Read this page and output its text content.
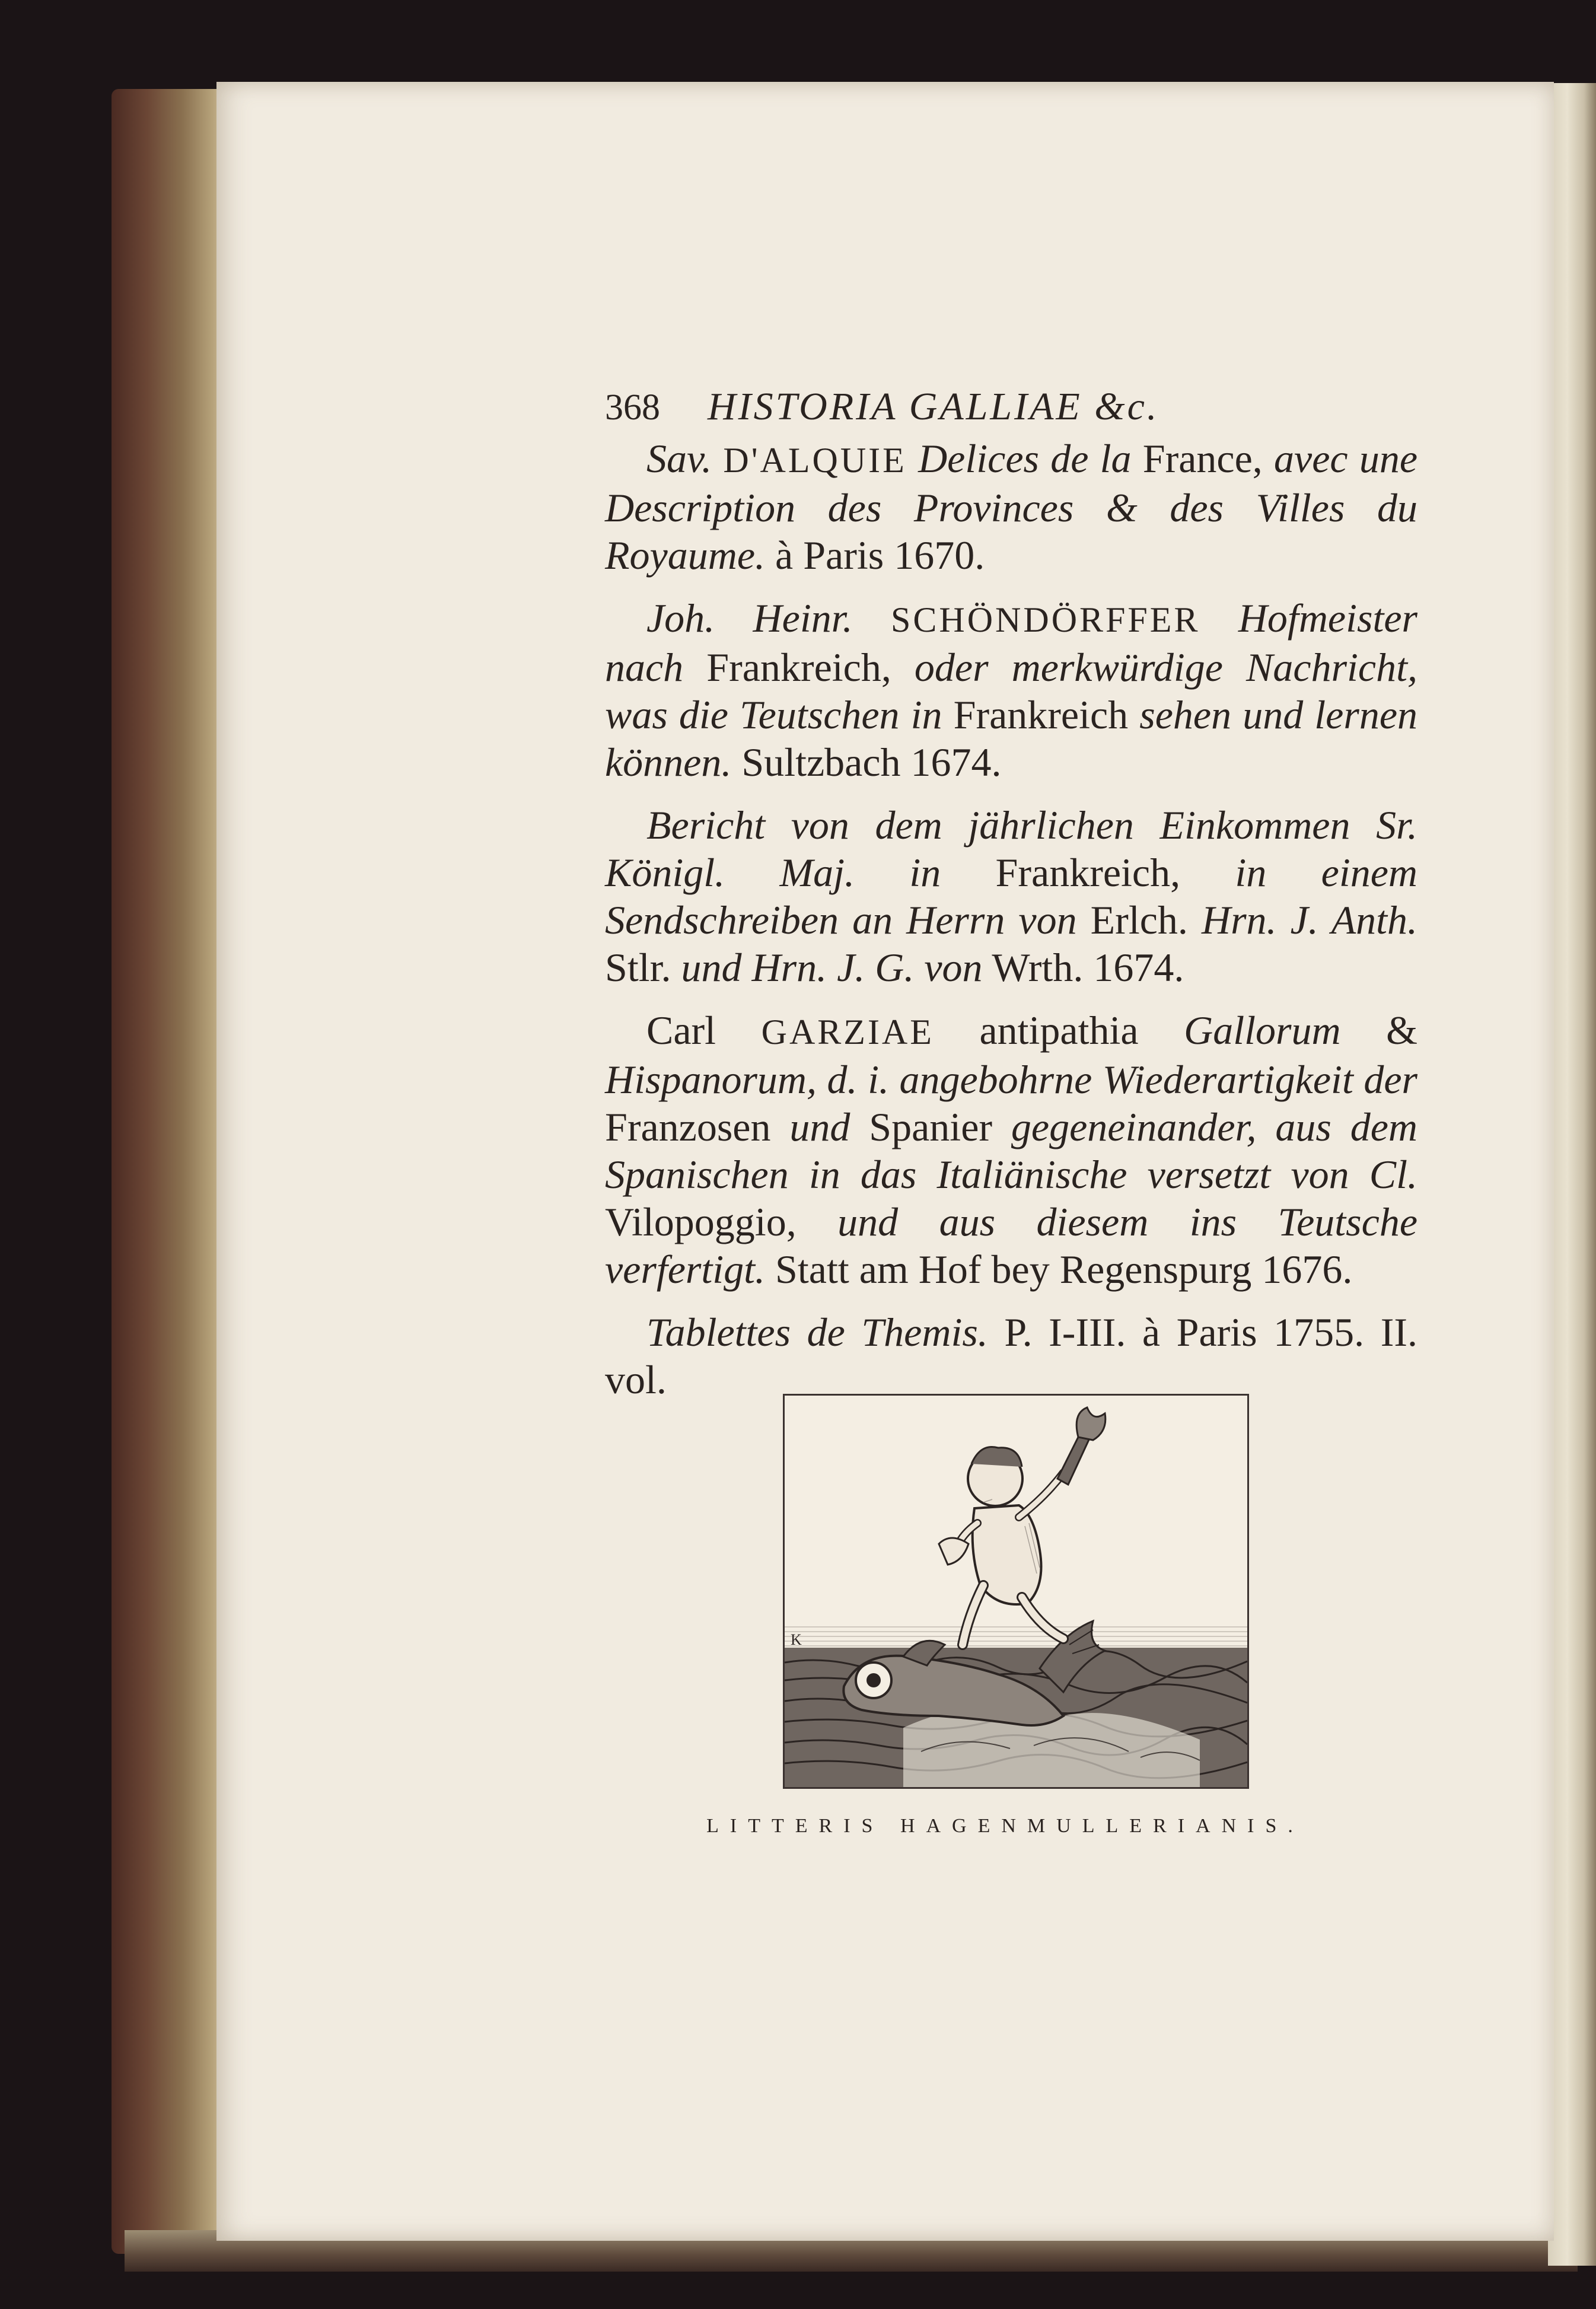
368 HISTORIA GALLIAE &c.

Sav. D'ALQUIE Delices de la France, avec une Description des Provinces & des Villes du Royaume. à Paris 1670.

Joh. Heinr. SCHÖNDÖRFFER Hofmeister nach Frankreich, oder merkwürdige Nachricht, was die Teutschen in Frankreich sehen und lernen können. Sultzbach 1674.

Bericht von dem jährlichen Einkommen Sr. Königl. Maj. in Frankreich, in einem Sendschreiben an Herrn von Erlch. Hrn. J. Anth. Stlr. und Hrn. J. G. von Wrth. 1674.

Carl GARZIAE antipathia Gallorum & Hispanorum, d. i. angebohrne Wiederartigkeit der Franzosen und Spanier gegeneinander, aus dem Spanischen in das Italiänische versetzt von Cl. Vilopoggio, und aus diesem ins Teutsche verfertigt. Statt am Hof bey Regenspurg 1676.

Tablettes de Themis. P. I-III. à Paris 1755. II. vol.

K
LITTERIS HAGENMULLERIANIS.
